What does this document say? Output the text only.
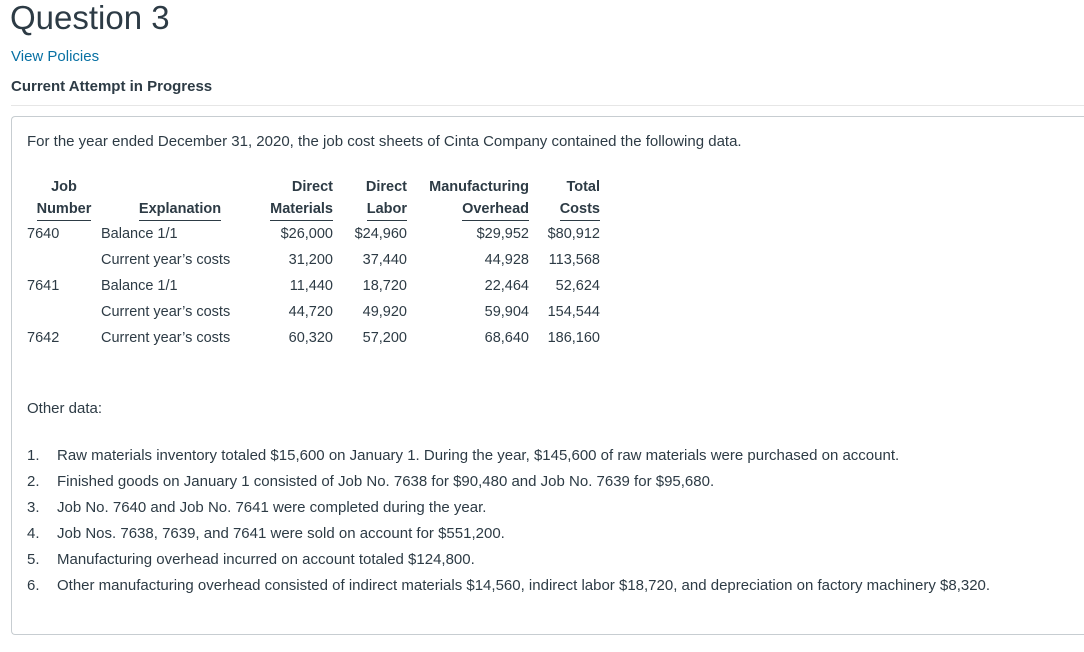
Question 3
View Policies
Current Attempt in Progress
For the year ended December 31, 2020, the job cost sheets of Cinta Company contained the following data.
Job		Direct	Direct	Manufacturing	Total
Number	Explanation	Materials	Labor	Overhead	Costs
7640	Balance 1/1	$26,000	$24,960	$29,952	$80,912
	Current year’s costs	31,200	37,440	44,928	113,568
7641	Balance 1/1	11,440	18,720	22,464	52,624
	Current year’s costs	44,720	49,920	59,904	154,544
7642	Current year’s costs	60,320	57,200	68,640	186,160
Other data:
1.	Raw materials inventory totaled $15,600 on January 1. During the year, $145,600 of raw materials were purchased on account.
2.	Finished goods on January 1 consisted of Job No. 7638 for $90,480 and Job No. 7639 for $95,680.
3.	Job No. 7640 and Job No. 7641 were completed during the year.
4.	Job Nos. 7638, 7639, and 7641 were sold on account for $551,200.
5.	Manufacturing overhead incurred on account totaled $124,800.
6.	Other manufacturing overhead consisted of indirect materials $14,560, indirect labor $18,720, and depreciation on factory machinery $8,320.
